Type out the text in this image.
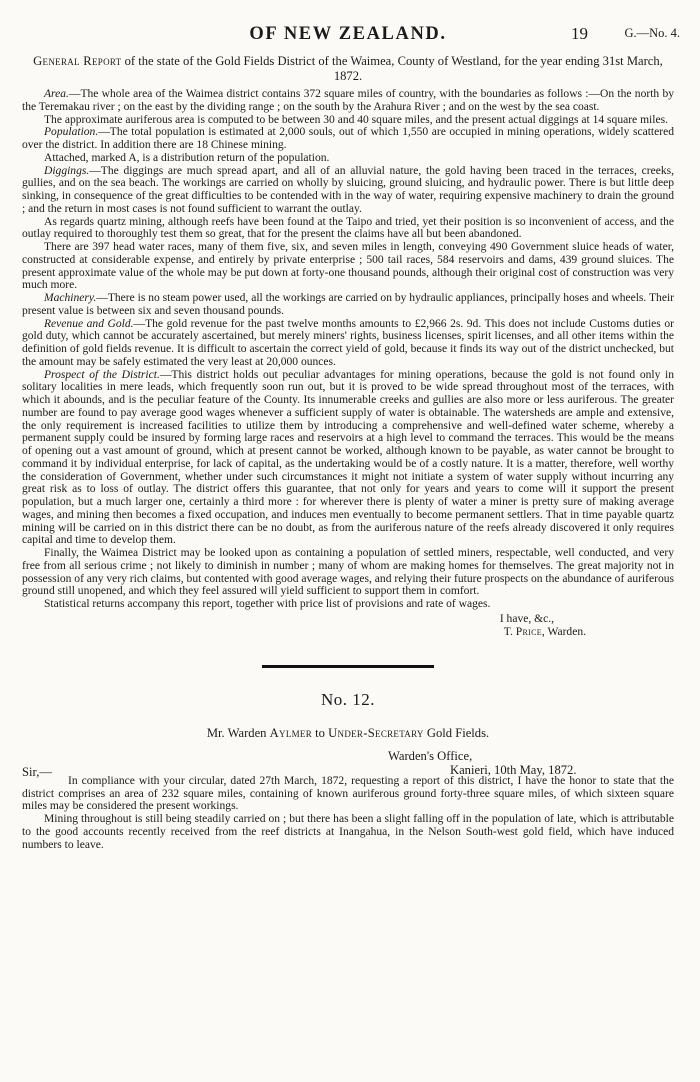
OF NEW ZEALAND.	19	G.—No. 4.
General Report of the state of the Gold Fields District of the Waimea, County of Westland, for the year ending 31st March, 1872.

Area.—The whole area of the Waimea district contains 372 square miles of country, with the boundaries as follows :—On the north by the Teremakau river ; on the east by the dividing range ; on the south by the Arahura River ; and on the west by the sea coast.

The approximate auriferous area is computed to be between 30 and 40 square miles, and the present actual diggings at 14 square miles.

Population.—The total population is estimated at 2,000 souls, out of which 1,550 are occupied in mining operations, widely scattered over the district. In addition there are 18 Chinese mining.

Attached, marked A, is a distribution return of the population.

Diggings.—The diggings are much spread apart, and all of an alluvial nature, the gold having been traced in the terraces, creeks, gullies, and on the sea beach. The workings are carried on wholly by sluicing, ground sluicing, and hydraulic power. There is but little deep sinking, in consequence of the great difficulties to be contended with in the way of water, requiring expensive machinery to drain the ground ; and the return in most cases is not found sufficient to warrant the outlay.

As regards quartz mining, although reefs have been found at the Taipo and tried, yet their position is so inconvenient of access, and the outlay required to thoroughly test them so great, that for the present the claims have all but been abandoned.

There are 397 head water races, many of them five, six, and seven miles in length, conveying 490 Government sluice heads of water, constructed at considerable expense, and entirely by private enterprise ; 500 tail races, 584 reservoirs and dams, 439 ground sluices. The present approximate value of the whole may be put down at forty-one thousand pounds, although their original cost of construction was very much more.

Machinery.—There is no steam power used, all the workings are carried on by hydraulic appliances, principally hoses and wheels. Their present value is between six and seven thousand pounds.

Revenue and Gold.—The gold revenue for the past twelve months amounts to £2,966 2s. 9d. This does not include Customs duties or gold duty, which cannot be accurately ascertained, but merely miners' rights, business licenses, spirit licenses, and all other items within the definition of gold fields revenue. It is difficult to ascertain the correct yield of gold, because it finds its way out of the district unchecked, but the amount may be safely estimated the very least at 20,000 ounces.

Prospect of the District.—This district holds out peculiar advantages for mining operations, because the gold is not found only in solitary localities in mere leads, which frequently soon run out, but it is proved to be wide spread throughout most of the terraces, with which it abounds, and is the peculiar feature of the County. Its innumerable creeks and gullies are also more or less auriferous. The greater number are found to pay average good wages whenever a sufficient supply of water is obtainable. The watersheds are ample and extensive, the only requirement is increased facilities to utilize them by introducing a comprehensive and well-defined water scheme, whereby a permanent supply could be insured by forming large races and reservoirs at a high level to command the terraces. This would be the means of opening out a vast amount of ground, which at present cannot be worked, although known to be payable, as water cannot be brought to command it by individual enterprise, for lack of capital, as the undertaking would be of a costly nature. It is a matter, therefore, well worthy the consideration of Government, whether under such circumstances it might not initiate a system of water supply without incurring any great risk as to loss of outlay. The district offers this guarantee, that not only for years and years to come will it support the present population, but a much larger one, certainly a third more : for wherever there is plenty of water a miner is pretty sure of making average wages, and mining then becomes a fixed occupation, and induces men eventually to become permanent settlers. That in time payable quartz mining will be carried on in this district there can be no doubt, as from the auriferous nature of the reefs already discovered it only requires capital and time to develop them.

Finally, the Waimea District may be looked upon as containing a population of settled miners, respectable, well conducted, and very free from all serious crime ; not likely to diminish in number ; many of whom are making homes for themselves. The great majority not in possession of any very rich claims, but contented with good average wages, and relying their future prospects on the abundance of auriferous ground still unopened, and which they feel assured will yield sufficient to support them in comfort.

Statistical returns accompany this report, together with price list of provisions and rate of wages.

I have, &c.,
T. Price, Warden.
No. 12.
Mr. Warden Aylmer to Under-Secretary Gold Fields.
Warden's Office,
Kanieri, 10th May, 1872.
Sir,—

In compliance with your circular, dated 27th March, 1872, requesting a report of this district, I have the honor to state that the district comprises an area of 232 square miles, containing of known auriferous ground forty-three square miles, of which sixteen square miles may be considered the present workings.

Mining throughout is still being steadily carried on ; but there has been a slight falling off in the population of late, which is attributable to the good accounts recently received from the reef districts at Inangahua, in the Nelson South-west gold field, which have induced numbers to leave.
